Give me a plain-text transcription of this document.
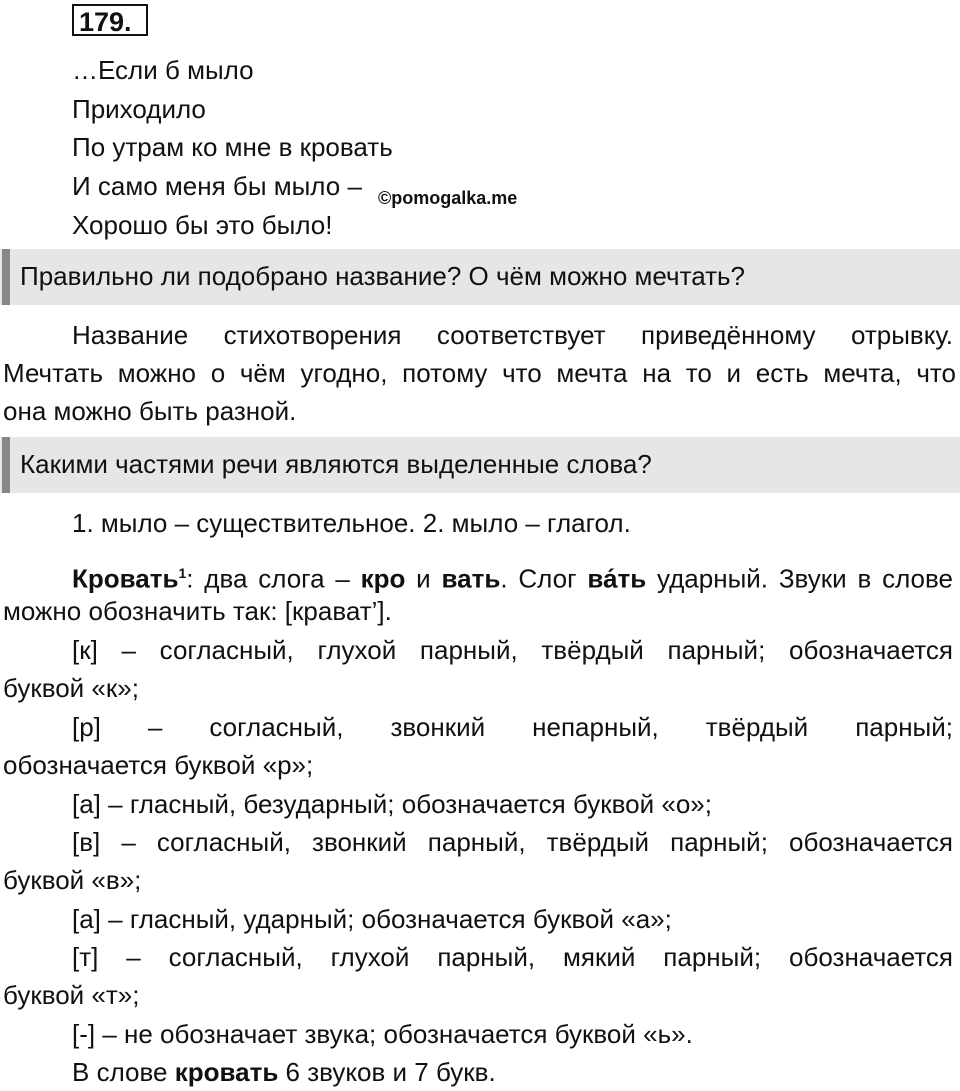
179.
…Если б мыло
Приходило
По утрам ко мне в кровать
И само меня бы мыло –
Хорошо бы это было!
©pomogalka.me
Правильно ли подобрано название? О чём можно мечтать?
Название стихотворения соответствует приведённому отрывку.
Мечтать можно о чём угодно, потому что мечта на то и есть мечта, что
она можно быть разной.
Какими частями речи являются выделенные слова?
1. мыло – существительное. 2. мыло – глагол.
Кровать$^1$: два слога – кро и вать. Слог ва́ть ударный. Звуки в слове
можно обозначить так: [крават’].
[к] – согласный, глухой парный, твёрдый парный; обозначается
буквой «к»;
[р] – согласный, звонкий непарный, твёрдый парный;
обозначается буквой «р»;
[а] – гласный, безударный; обозначается буквой «о»;
[в] – согласный, звонкий парный, твёрдый парный; обозначается
буквой «в»;
[а] – гласный, ударный; обозначается буквой «а»;
[т] – согласный, глухой парный, мякий парный; обозначается
буквой «т»;
[-] – не обозначает звука; обозначается буквой «ь».
В слове кровать 6 звуков и 7 букв.
